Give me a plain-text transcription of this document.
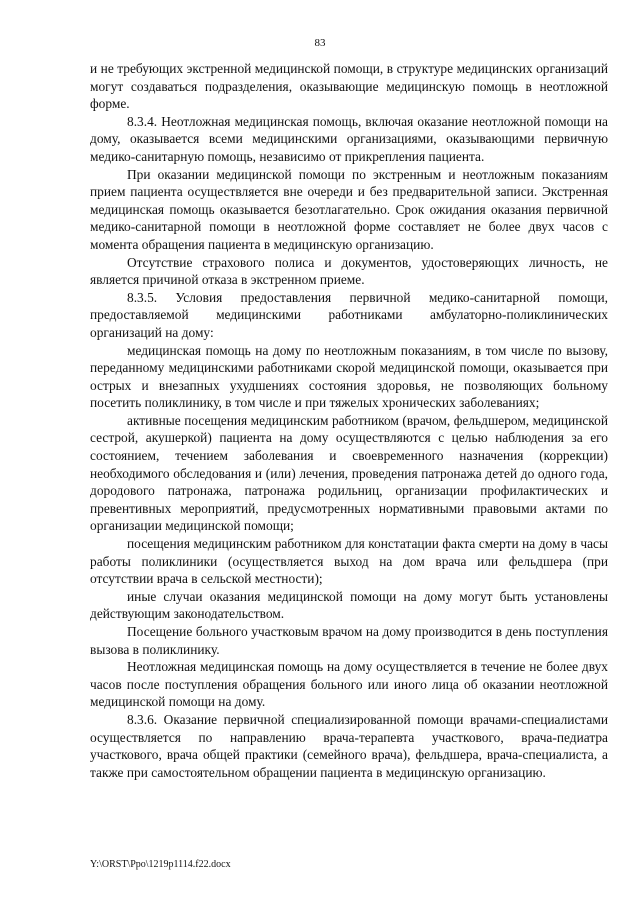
83

и не требующих экстренной медицинской помощи, в структуре медицинских организаций могут создаваться подразделения, оказывающие медицинскую помощь в неотложной форме.

8.3.4. Неотложная медицинская помощь, включая оказание неотложной помощи на дому, оказывается всеми медицинскими организациями, оказывающими первичную медико-санитарную помощь, независимо от прикрепления пациента.

При оказании медицинской помощи по экстренным и неотложным показаниям прием пациента осуществляется вне очереди и без предварительной записи. Экстренная медицинская помощь оказывается безотлагательно. Срок ожидания оказания первичной медико-санитарной помощи в неотложной форме составляет не более двух часов с момента обращения пациента в медицинскую организацию.

Отсутствие страхового полиса и документов, удостоверяющих личность, не является причиной отказа в экстренном приеме.

8.3.5. Условия предоставления первичной медико-санитарной помощи, предоставляемой медицинскими работниками амбулаторно-поликлинических организаций на дому:

медицинская помощь на дому по неотложным показаниям, в том числе по вызову, переданному медицинскими работниками скорой медицинской помощи, оказывается при острых и внезапных ухудшениях состояния здоровья, не позволяющих больному посетить поликлинику, в том числе и при тяжелых хронических заболеваниях;

активные посещения медицинским работником (врачом, фельдшером, медицинской сестрой, акушеркой) пациента на дому осуществляются с целью наблюдения за его состоянием, течением заболевания и своевременного назначения (коррекции) необходимого обследования и (или) лечения, проведения патронажа детей до одного года, дородового патронажа, патронажа родильниц, организации профилактических и превентивных мероприятий, предусмотренных нормативными правовыми актами по организации медицинской помощи;

посещения медицинским работником для констатации факта смерти на дому в часы работы поликлиники (осуществляется выход на дом врача или фельдшера (при отсутствии врача в сельской местности);

иные случаи оказания медицинской помощи на дому могут быть установлены действующим законодательством.

Посещение больного участковым врачом на дому производится в день поступления вызова в поликлинику.

Неотложная медицинская помощь на дому осуществляется в течение не более двух часов после поступления обращения больного или иного лица об оказании неотложной медицинской помощи на дому.

8.3.6. Оказание первичной специализированной помощи врачами-специалистами осуществляется по направлению врача-терапевта участкового, врача-педиатра участкового, врача общей практики (семейного врача), фельдшера, врача-специалиста, а также при самостоятельном обращении пациента в медицинскую организацию.

Y:\ORST\Ppo\1219p1114.f22.docx
